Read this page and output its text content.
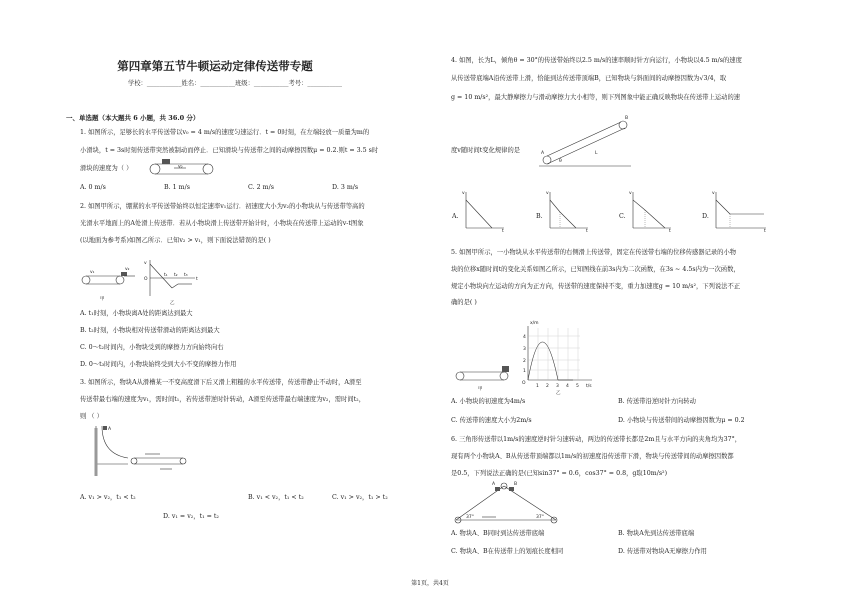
第四章第五节牛顿运动定律传送带专题
学校：___________姓名：___________班级：___________考号：___________
一、单选题（本大题共 6 小题，共 36.0 分）
1. 如图所示，足够长的水平传送带以v₀ = 4 m/s的速度匀速运行．t = 0时刻，在左端轻放一质量为m的
小滑块，t = 3s时刻传送带突然被制动而停止．已知滑块与传送带之间的动摩擦因数μ = 0.2.则t = 3.5 s时
滑块的速度为（ ）	v₀
A. 0 m/s	B. 1 m/s	C. 2 m/s	D. 3 m/s
2. 如图甲所示，绷紧的水平传送带始终以恒定速率v₁运行．初速度大小为v₂的小物块从与传送带等高的
光滑水平地面上的A处滑上传送带．若从小物块滑上传送带开始计时，小物块在传送带上运动的v-t图象
(以地面为参考系)如图乙所示．已知v₂ > v₁，则下面说法错误的是( )
v₁
v₂
甲
v
O	t
t₁ t₂ t₃
乙
A. t₁时刻，小物块离A处的距离达到最大
B. t₂时刻，小物块相对传送带滑动的距离达到最大
C. 0～t₂时间内，小物块受到的摩擦力方向始终向右
D. 0～t₃时间内，小物块始终受到大小不变的摩擦力作用
3. 如图所示，物块A从滑槽某一不变高度滑下后又滑上粗糙的水平传送带，传送带静止不动时，A滑至
传送带最右端的速度为v₁，需时间t₁，若传送带逆时针转动，A滑至传送带最右端速度为v₂，需时间t₂，
则 （ ）
A
A. v₁ > v₂，t₁ < t₂	B. v₁ < v₂，t₁ < t₂	C. v₁ > v₂，t₁ > t₂
D. v₁ = v₂，t₁ = t₂
4. 如图，长为L，倾角θ = 30°的传送带始终以2.5 m/s的速率顺时针方向运行，小物块以4.5 m/s的速度
从传送带底端A沿传送带上滑，恰能到达传送带顶端B，已知物块与斜面间的动摩擦因数为√3/4，取
g = 10 m/s²，最大静摩擦力与滑动摩擦力大小相等，则下列图象中能正确反映物块在传送带上运动的速
A
B
L
θ
度v随时间t变化规律的是
A.
v
t
B.
v
t
C.
v
t
D.
v
t
5. 如图甲所示，一小物块从水平传送带的右侧滑上传送带，固定在传送带右端的位移传感器记录的小物
块的位移x随时间t的变化关系如图乙所示，已知图线在前3s内为二次函数，在3s ~ 4.5s内为一次函数，
规定小物块向左运动的方向为正方向，传送带的速度保持不变，重力加速度g = 10 m/s²，下列说法不正
确的是( )
甲
x/m
O
t/s
1 2 3 4 5
4
3
2
1
乙
A. 小物块的初速度为4m/s	B. 传送带沿逆时针方向转动
C. 传送带的速度大小为2m/s	D. 小物块与传送带间的动摩擦因数为μ = 0.2
6. 三角形传送带以1m/s的速度逆时针匀速转动，两边的传送带长都是2m且与水平方向的夹角均为37°，
现有两个小物块A、B从传送带顶端都以1m/s的初速度沿传送带下滑，物块与传送带间的动摩擦因数都
是0.5，下列说法正确的是(已知sin37° = 0.6，cos37° = 0.8，g取10m/s²)
A	B
37°	37°
A. 物块A、B同时到达传送带底端	B. 物块A先到达传送带底端
C. 物块A、B在传送带上的划痕长度相同	D. 传送带对物块A无摩擦力作用
第1页，共4页
